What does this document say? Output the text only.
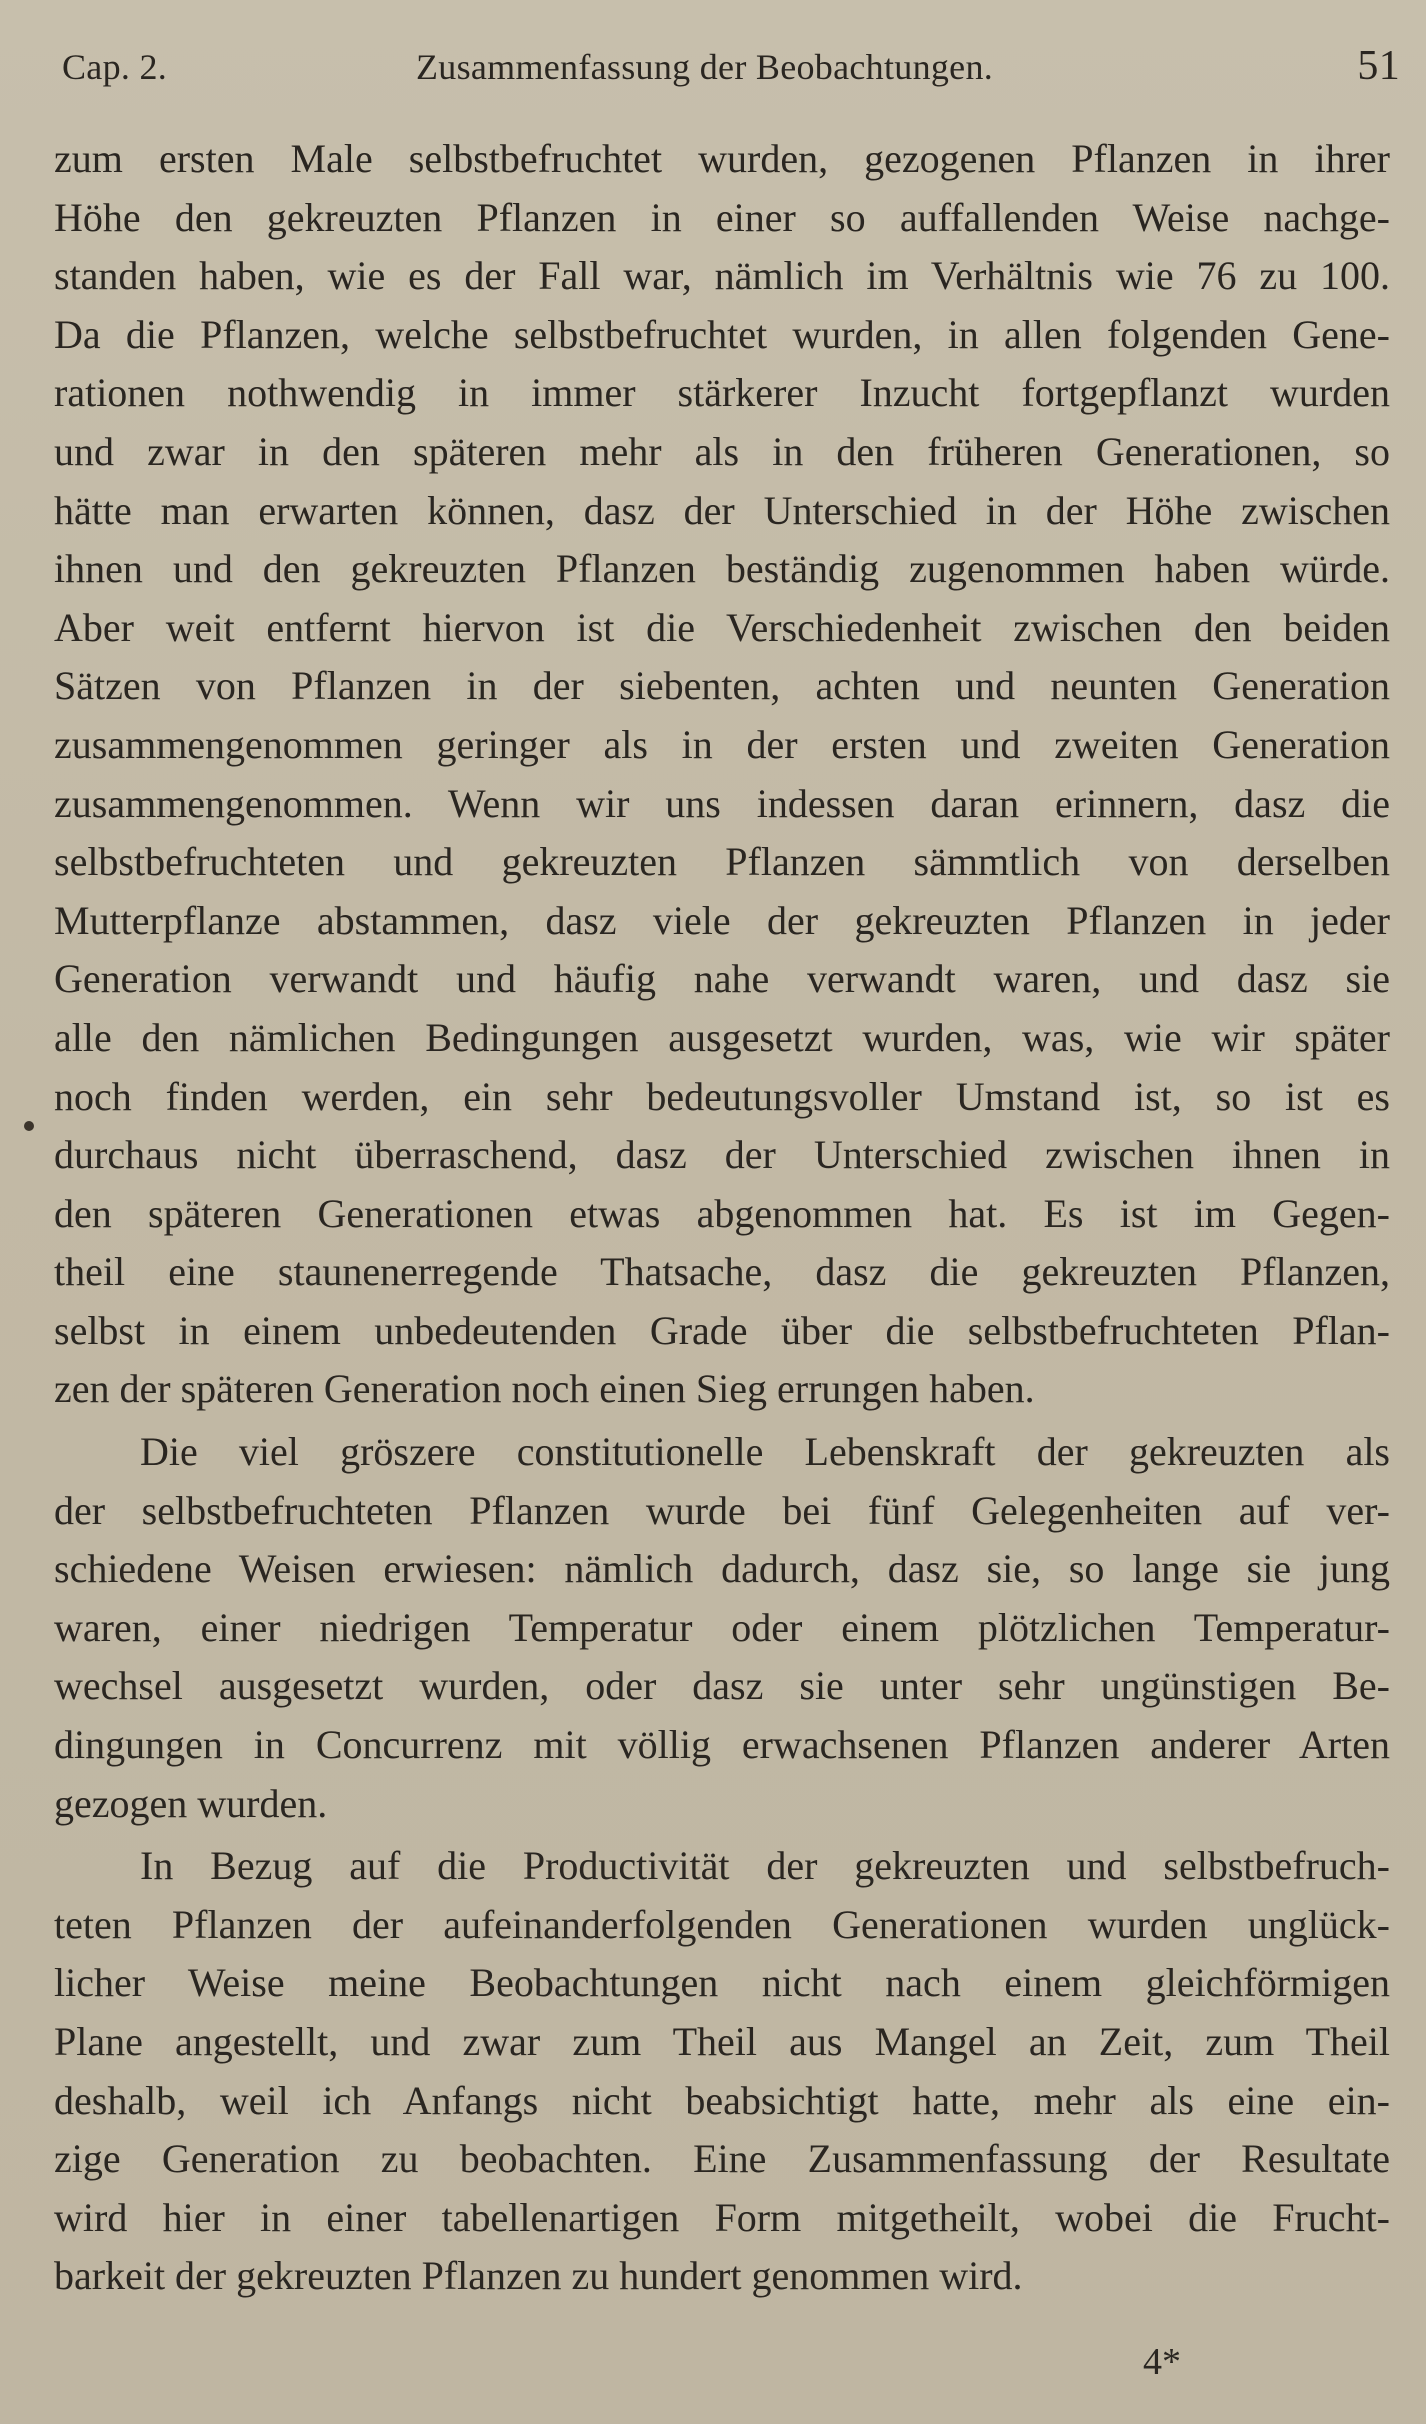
Cap. 2.	Zusammenfassung der Beobachtungen.	51
zum ersten Male selbstbefruchtet wurden, gezogenen Pflanzen in ihrer
Höhe den gekreuzten Pflanzen in einer so auffallenden Weise nachge-
standen haben, wie es der Fall war, nämlich im Verhältnis wie 76 zu 100.
Da die Pflanzen, welche selbstbefruchtet wurden, in allen folgenden Gene-
rationen nothwendig in immer stärkerer Inzucht fortgepflanzt wurden
und zwar in den späteren mehr als in den früheren Generationen, so
hätte man erwarten können, dasz der Unterschied in der Höhe zwischen
ihnen und den gekreuzten Pflanzen beständig zugenommen haben würde.
Aber weit entfernt hiervon ist die Verschiedenheit zwischen den beiden
Sätzen von Pflanzen in der siebenten, achten und neunten Generation
zusammengenommen geringer als in der ersten und zweiten Generation
zusammengenommen. Wenn wir uns indessen daran erinnern, dasz die
selbstbefruchteten und gekreuzten Pflanzen sämmtlich von derselben
Mutterpflanze abstammen, dasz viele der gekreuzten Pflanzen in jeder
Generation verwandt und häufig nahe verwandt waren, und dasz sie
alle den nämlichen Bedingungen ausgesetzt wurden, was, wie wir später
noch finden werden, ein sehr bedeutungsvoller Umstand ist, so ist es
durchaus nicht überraschend, dasz der Unterschied zwischen ihnen in
den späteren Generationen etwas abgenommen hat. Es ist im Gegen-
theil eine staunenerregende Thatsache, dasz die gekreuzten Pflanzen,
selbst in einem unbedeutenden Grade über die selbstbefruchteten Pflan-
zen der späteren Generation noch einen Sieg errungen haben.
Die viel gröszere constitutionelle Lebenskraft der gekreuzten als
der selbstbefruchteten Pflanzen wurde bei fünf Gelegenheiten auf ver-
schiedene Weisen erwiesen: nämlich dadurch, dasz sie, so lange sie jung
waren, einer niedrigen Temperatur oder einem plötzlichen Temperatur-
wechsel ausgesetzt wurden, oder dasz sie unter sehr ungünstigen Be-
dingungen in Concurrenz mit völlig erwachsenen Pflanzen anderer Arten
gezogen wurden.
In Bezug auf die Productivität der gekreuzten und selbstbefruch-
teten Pflanzen der aufeinanderfolgenden Generationen wurden unglück-
licher Weise meine Beobachtungen nicht nach einem gleichförmigen
Plane angestellt, und zwar zum Theil aus Mangel an Zeit, zum Theil
deshalb, weil ich Anfangs nicht beabsichtigt hatte, mehr als eine ein-
zige Generation zu beobachten. Eine Zusammenfassung der Resultate
wird hier in einer tabellenartigen Form mitgetheilt, wobei die Frucht-
barkeit der gekreuzten Pflanzen zu hundert genommen wird.
4*
